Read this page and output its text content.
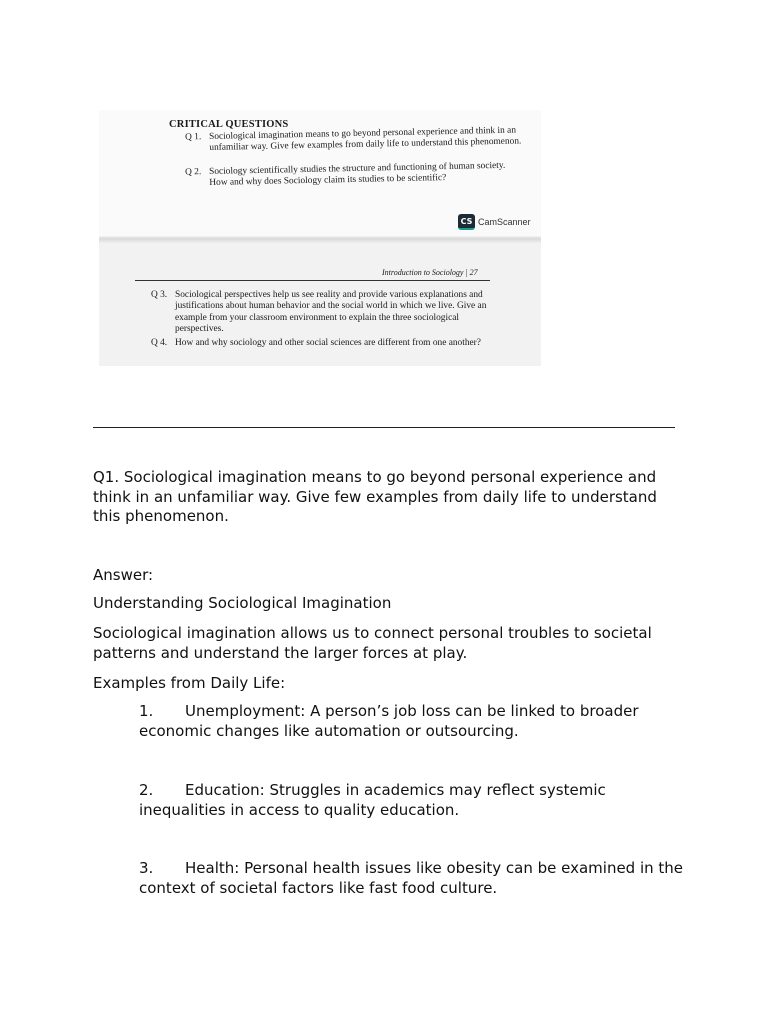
CRITICAL QUESTIONS
Q 1. Sociological imagination means to go beyond personal experience and think in an unfamiliar way. Give few examples from daily life to understand this phenomenon.
Q 2. Sociology scientifically studies the structure and functioning of human society. How and why does Sociology claim its studies to be scientific?
CS CamScanner
Introduction to Sociology | 27
Q 3. Sociological perspectives help us see reality and provide various explanations and justifications about human behavior and the social world in which we live. Give an example from your classroom environment to explain the three sociological perspectives.
Q 4. How and why sociology and other social sciences are different from one another?

Q1. Sociological imagination means to go beyond personal experience and think in an unfamiliar way. Give few examples from daily life to understand this phenomenon.

Answer:

Understanding Sociological Imagination

Sociological imagination allows us to connect personal troubles to societal patterns and understand the larger forces at play.

Examples from Daily Life:

1. Unemployment: A person’s job loss can be linked to broader economic changes like automation or outsourcing.

2. Education: Struggles in academics may reflect systemic inequalities in access to quality education.

3. Health: Personal health issues like obesity can be examined in the context of societal factors like fast food culture.
